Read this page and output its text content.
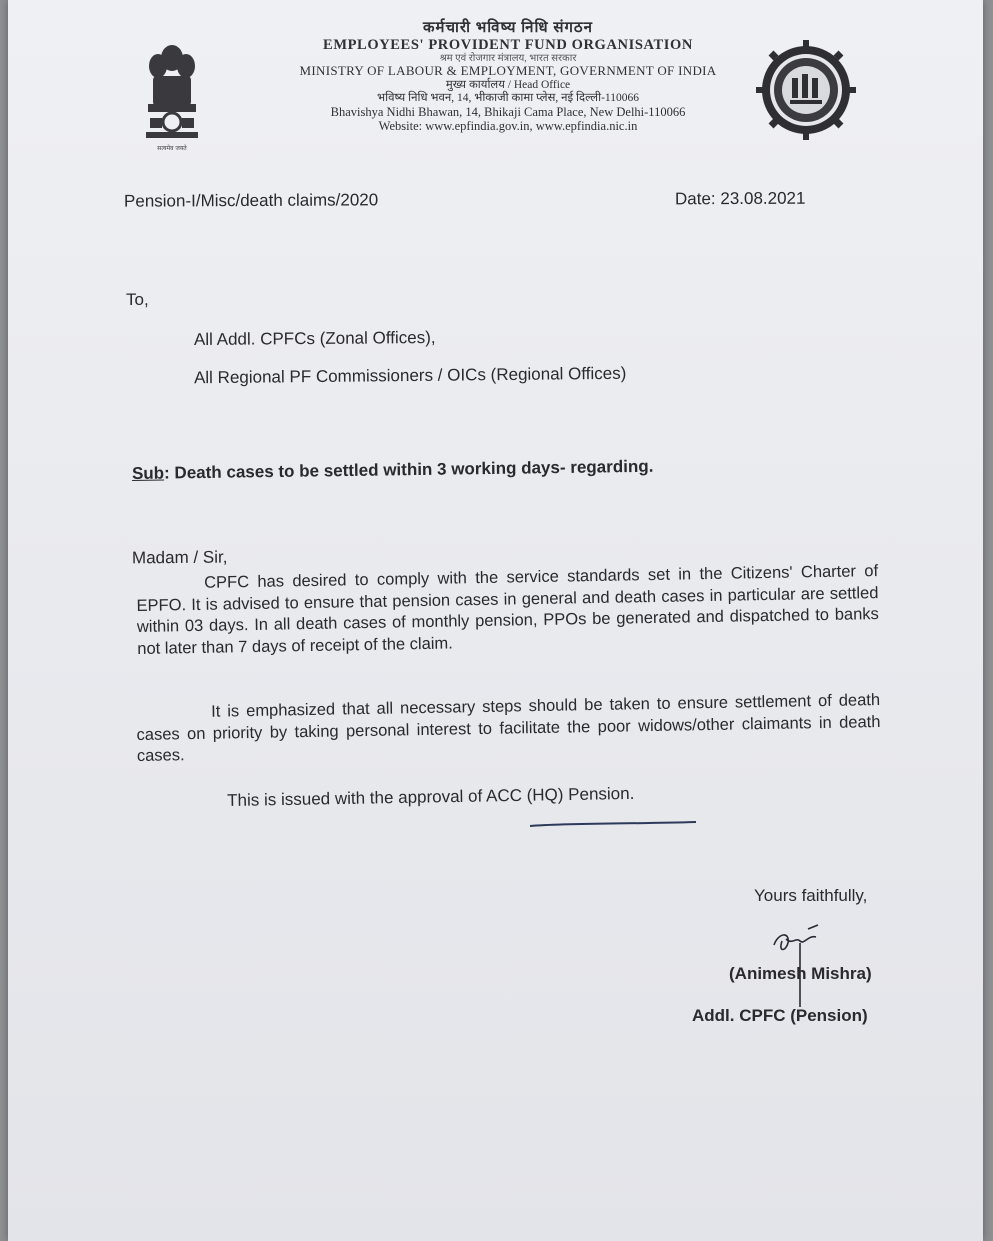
सत्यमेव जयते
कर्मचारी भविष्य निधि संगठन
EMPLOYEES' PROVIDENT FUND ORGANISATION
श्रम एवं रोजगार मंत्रालय, भारत सरकार
MINISTRY OF LABOUR & EMPLOYMENT, GOVERNMENT OF INDIA
मुख्य कार्यालय / Head Office
भविष्य निधि भवन, 14, भीकाजी कामा प्लेस, नई दिल्ली-110066
Bhavishya Nidhi Bhawan, 14, Bhikaji Cama Place, New Delhi-110066
Website: www.epfindia.gov.in, www.epfindia.nic.in
Pension-I/Misc/death claims/2020	Date: 23.08.2021
To,
All Addl. CPFCs (Zonal Offices),
All Regional PF Commissioners / OICs (Regional Offices)
Sub: Death cases to be settled within 3 working days- regarding.
Madam / Sir,
CPFC has desired to comply with the service standards set in the Citizens' Charter of EPFO. It is advised to ensure that pension cases in general and death cases in particular are settled within 03 days. In all death cases of monthly pension, PPOs be generated and dispatched to banks not later than 7 days of receipt of the claim.
It is emphasized that all necessary steps should be taken to ensure settlement of death cases on priority by taking personal interest to facilitate the poor widows/other claimants in death cases.
This is issued with the approval of ACC (HQ) Pension.
Yours faithfully,
(Animesh Mishra)
Addl. CPFC (Pension)
